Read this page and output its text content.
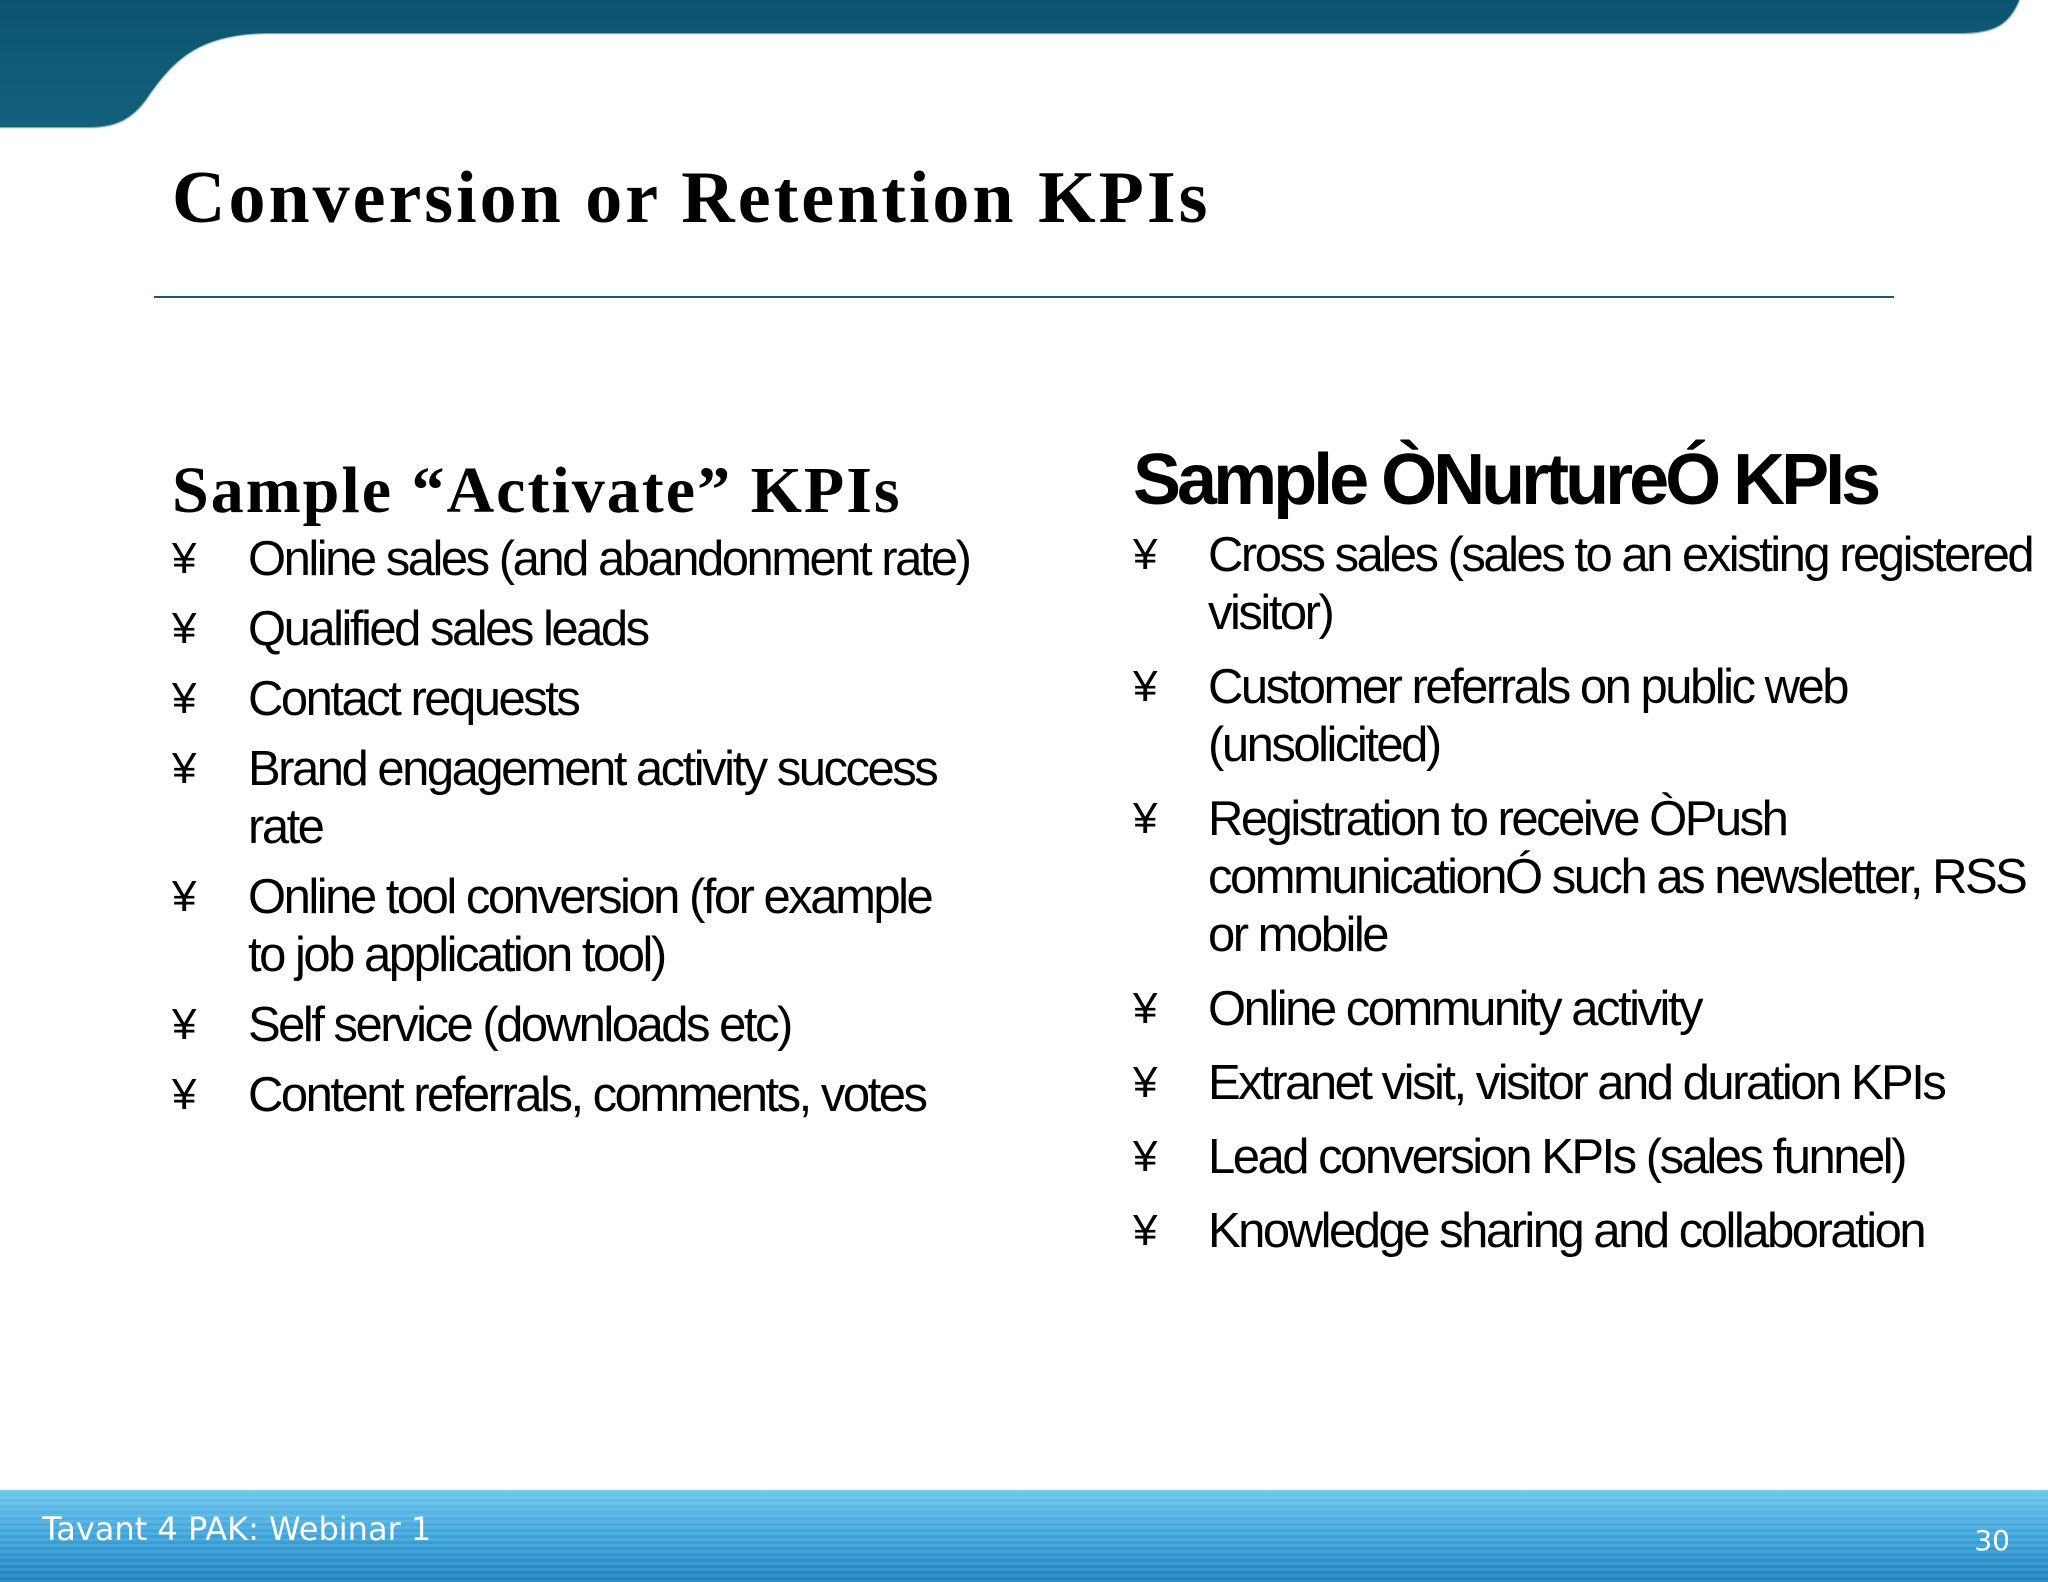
Conversion or Retention KPIs

Sample “Activate” KPIs

¥ Online sales (and abandonment rate)
¥ Qualified sales leads
¥ Contact requests
¥ Brand engagement activity success rate
¥ Online tool conversion (for example to job application tool)
¥ Self service (downloads etc)
¥ Content referrals, comments, votes

Sample ÒNurtureÓ KPIs

¥ Cross sales (sales to an existing registered visitor)
¥ Customer referrals on public web (unsolicited)
¥ Registration to receive ÒPush communicationÓ such as newsletter, RSS or mobile
¥ Online community activity
¥ Extranet visit, visitor and duration KPIs
¥ Lead conversion KPIs (sales funnel)
¥ Knowledge sharing and collaboration
Tavant 4 PAK: Webinar 1	30
